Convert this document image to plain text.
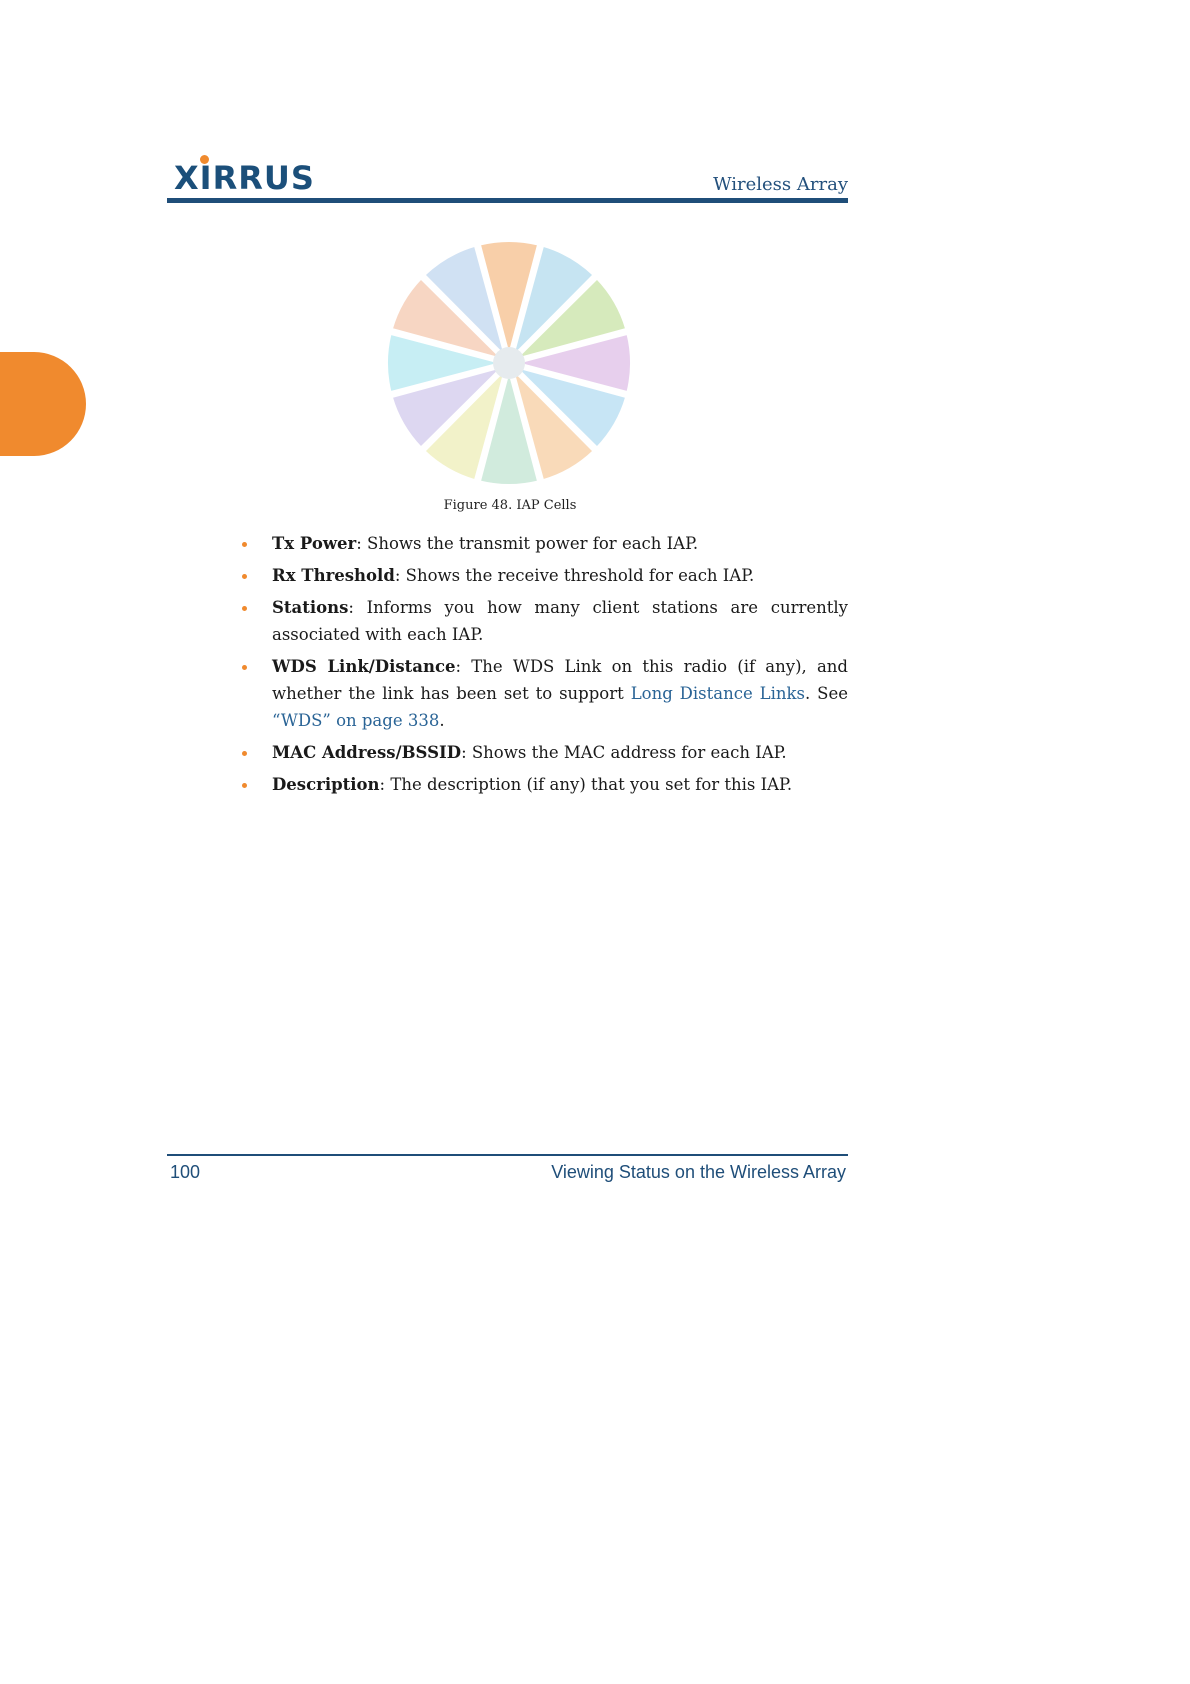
XIRRUS	Wireless Array
Figure 48. IAP Cells
Tx Power: Shows the transmit power for each IAP.
Rx Threshold: Shows the receive threshold for each IAP.
Stations: Informs you how many client stations are currently associated with each IAP.
WDS Link/Distance: The WDS Link on this radio (if any), and whether the link has been set to support Long Distance Links. See “WDS” on page 338.
MAC Address/BSSID: Shows the MAC address for each IAP.
Description: The description (if any) that you set for this IAP.
100	Viewing Status on the Wireless Array
